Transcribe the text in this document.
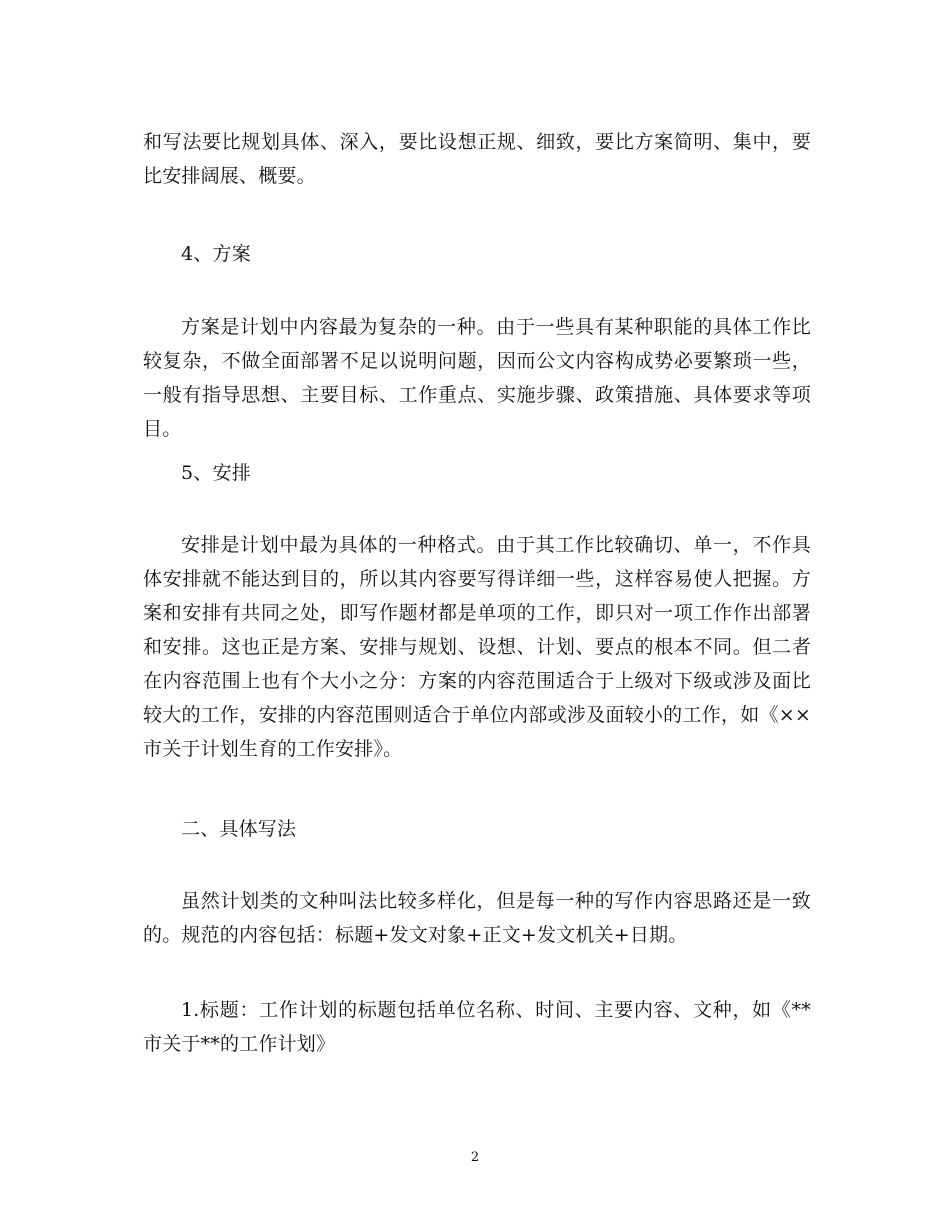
和写法要比规划具体、深入，要比设想正规、细致，要比方案简明、集中，要比安排阔展、概要。

4、方案

方案是计划中内容最为复杂的一种。由于一些具有某种职能的具体工作比较复杂，不做全面部署不足以说明问题，因而公文内容构成势必要繁琐一些，一般有指导思想、主要目标、工作重点、实施步骤、政策措施、具体要求等项目。

5、安排

安排是计划中最为具体的一种格式。由于其工作比较确切、单一，不作具体安排就不能达到目的，所以其内容要写得详细一些，这样容易使人把握。方案和安排有共同之处，即写作题材都是单项的工作，即只对一项工作作出部署和安排。这也正是方案、安排与规划、设想、计划、要点的根本不同。但二者在内容范围上也有个大小之分：方案的内容范围适合于上级对下级或涉及面比较大的工作，安排的内容范围则适合于单位内部或涉及面较小的工作，如《××市关于计划生育的工作安排》。

二、具体写法

虽然计划类的文种叫法比较多样化，但是每一种的写作内容思路还是一致的。规范的内容包括：标题+发文对象+正文+发文机关+日期。

1.标题：工作计划的标题包括单位名称、时间、主要内容、文种，如《**市关于**的工作计划》

2
